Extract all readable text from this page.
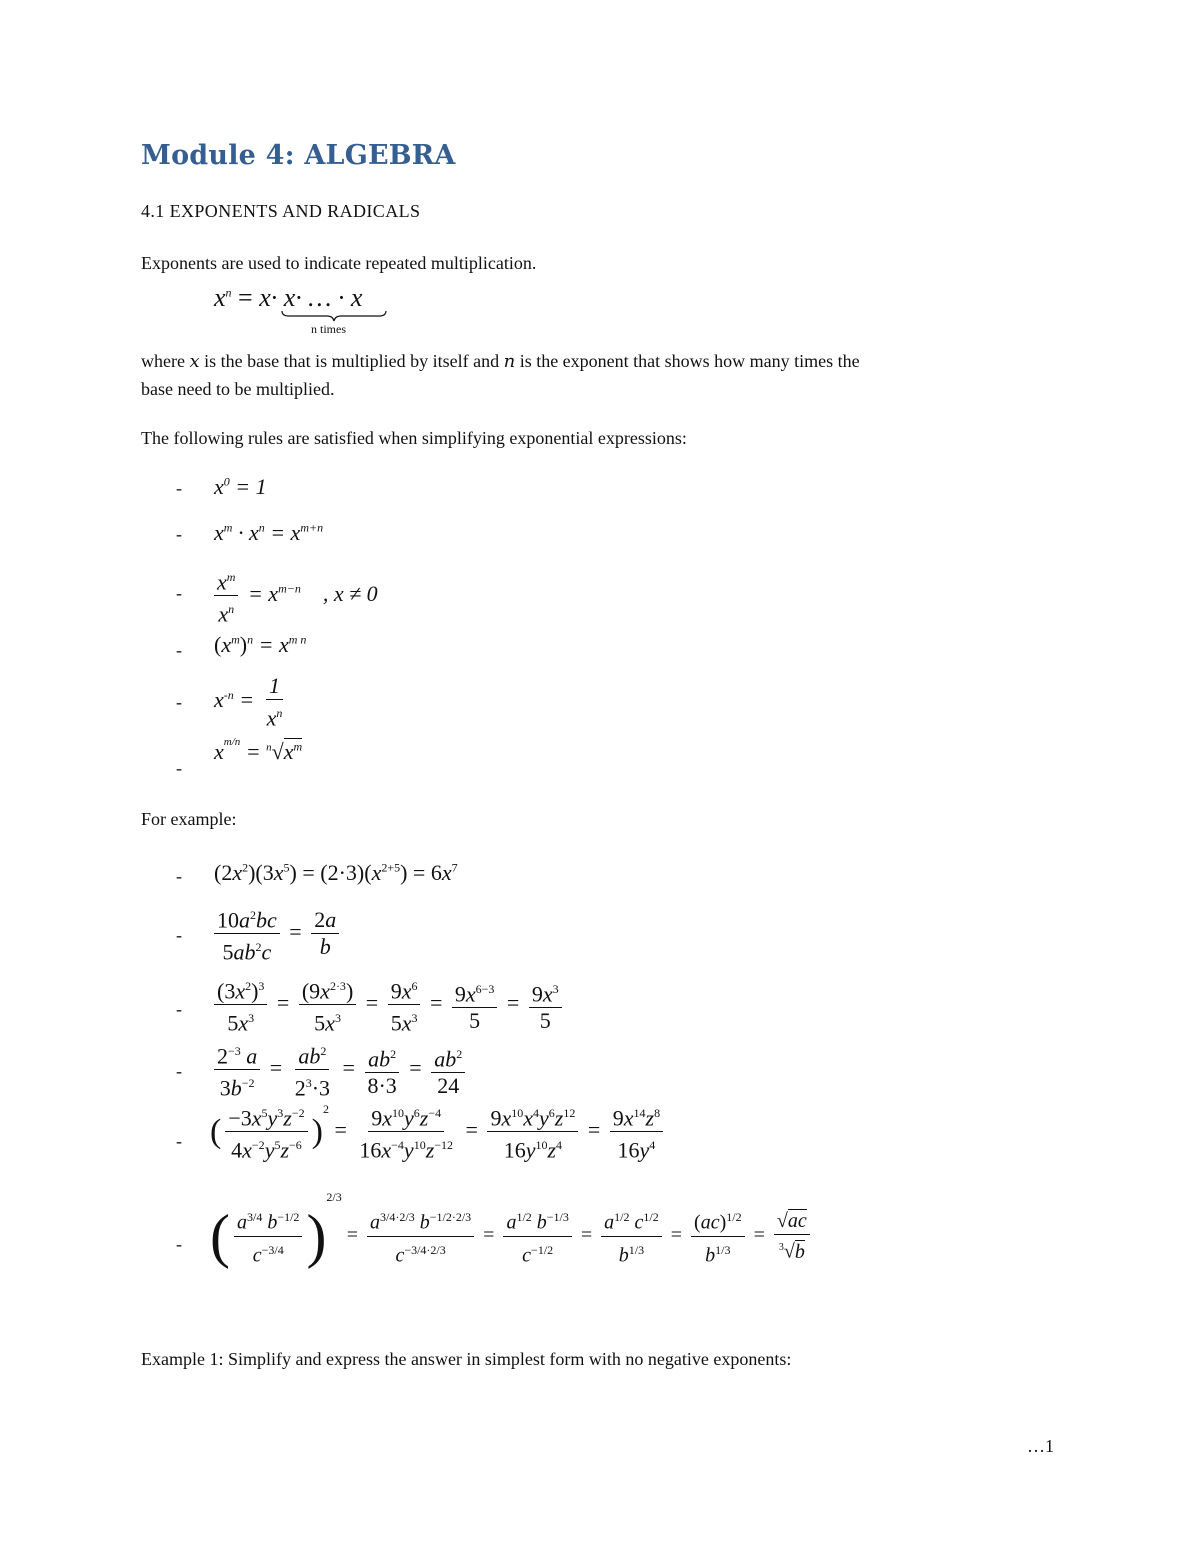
Module 4: ALGEBRA
4.1 EXPONENTS AND RADICALS
Exponents are used to indicate repeated multiplication.
$x^n = x\cdot x\cdot$ … · x
n times
where x is the base that is multiplied by itself and n is the exponent that shows how many times the
base need to be multiplied.
The following rules are satisfied when simplifying exponential expressions:
- $x^0 = 1$
- $x^m \cdot x^n = x^{m+n}$
- $\frac{x^m}{x^n} = x^{m-n}$    , x ≠ 0
- $(x^m)^n = x^{m n}$
- $x^{-n} = \frac{1}{x^n}$
-
$x^{m/n} = ^n√x^m$
For example:
- $(2x^2)(3x^5) = (2\cdot 3)(x^{2+5}) = 6x^7$
- $\frac{10a^2bc}{5ab^2c} = \frac{2a}{b}$
- $\frac{(3x^2)^3}{5x^3} = \frac{(9x^{2\cdot 3})}{5x^3} = \frac{9x^6}{5x^3} = \frac{9x^{6-3}}{5} = \frac{9x^3}{5}$
- $\frac{2^{-3} a}{3b^{-2}} = \frac{ab^2}{2^3\cdot 3} = \frac{ab^2}{8\cdot 3} = \frac{ab^2}{24}$
- ( $\frac{-3x^5y^3z^{-2}}{4x^{-2}y^5z^{-6}} )^2 = \frac{9x^{10}y^6z^{-4}}{16x^{-4}y^{10}z^{-12}} = \frac{9x^{10}x^4y^6z^{12}}{16y^{10}z^4} = \frac{9x^{14}z^8}{16y^4}$
- ( $\frac{a^{3/4} b^{-1/2}}{c^{-3/4}} )^{2/3} = \frac{a^{3/4\cdot 2/3} b^{-1/2\cdot 2/3}}{c^{-3/4\cdot 2/3}} = \frac{a^{1/2} b^{-1/3}}{c^{-1/2}} = \frac{a^{1/2} c^{1/2}}{b^{1/3}} = \frac{(ac)^{1/2}}{b^{1/3}} = \frac{√ac}{^3√b}$
Example 1: Simplify and express the answer in simplest form with no negative exponents:
…1
